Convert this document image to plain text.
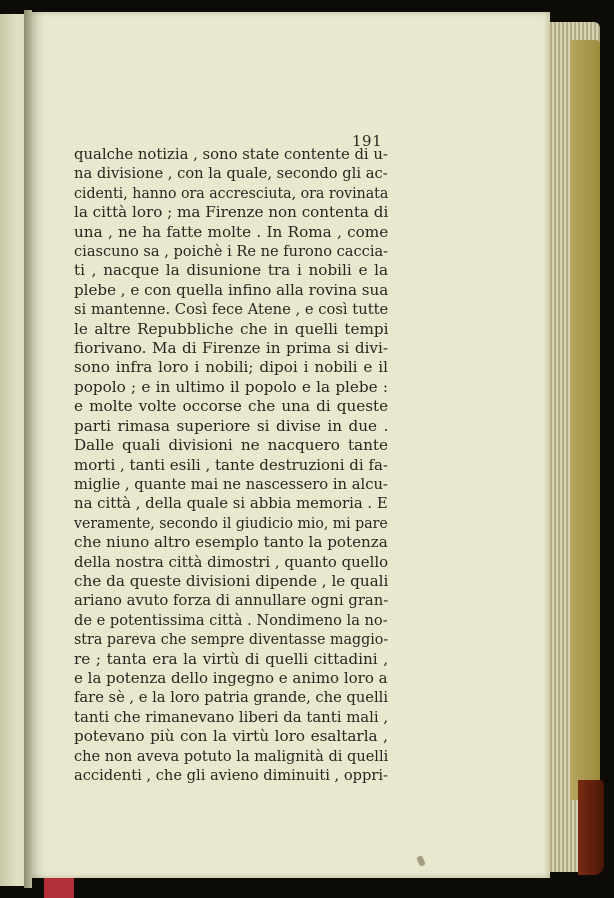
191
qualche notizia , sono state contente di u-
na divisione , con la quale, secondo gli ac-
cidenti, hanno ora accresciuta, ora rovinata
la città loro ; ma Firenze non contenta di
una , ne ha fatte molte . In Roma , come
ciascuno sa , poichè i Re ne furono caccia-
ti , nacque la disunione tra i nobili e la
plebe , e con quella infino alla rovina sua
si mantenne. Così fece Atene , e così tutte
le altre Repubbliche che in quelli tempi
fiorivano. Ma di Firenze in prima si divi-
sono infra loro i nobili; dipoi i nobili e il
popolo ; e in ultimo il popolo e la plebe :
e molte volte occorse che una di queste
parti rimasa superiore si divise in due .
Dalle quali divisioni ne nacquero tante
morti , tanti esili , tante destruzioni di fa-
miglie , quante mai ne nascessero in alcu-
na città , della quale si abbia memoria . E
veramente, secondo il giudicio mio, mi pare
che niuno altro esemplo tanto la potenza
della nostra città dimostri , quanto quello
che da queste divisioni dipende , le quali
ariano avuto forza di annullare ogni gran-
de e potentissima città . Nondimeno la no-
stra pareva che sempre diventasse maggio-
re ; tanta era la virtù di quelli cittadini ,
e la potenza dello ingegno e animo loro a
fare sè , e la loro patria grande, che quelli
tanti che rimanevano liberi da tanti mali ,
potevano più con la virtù loro esaltarla ,
che non aveva potuto la malignità di quelli
accidenti , che gli avieno diminuiti , oppri-
